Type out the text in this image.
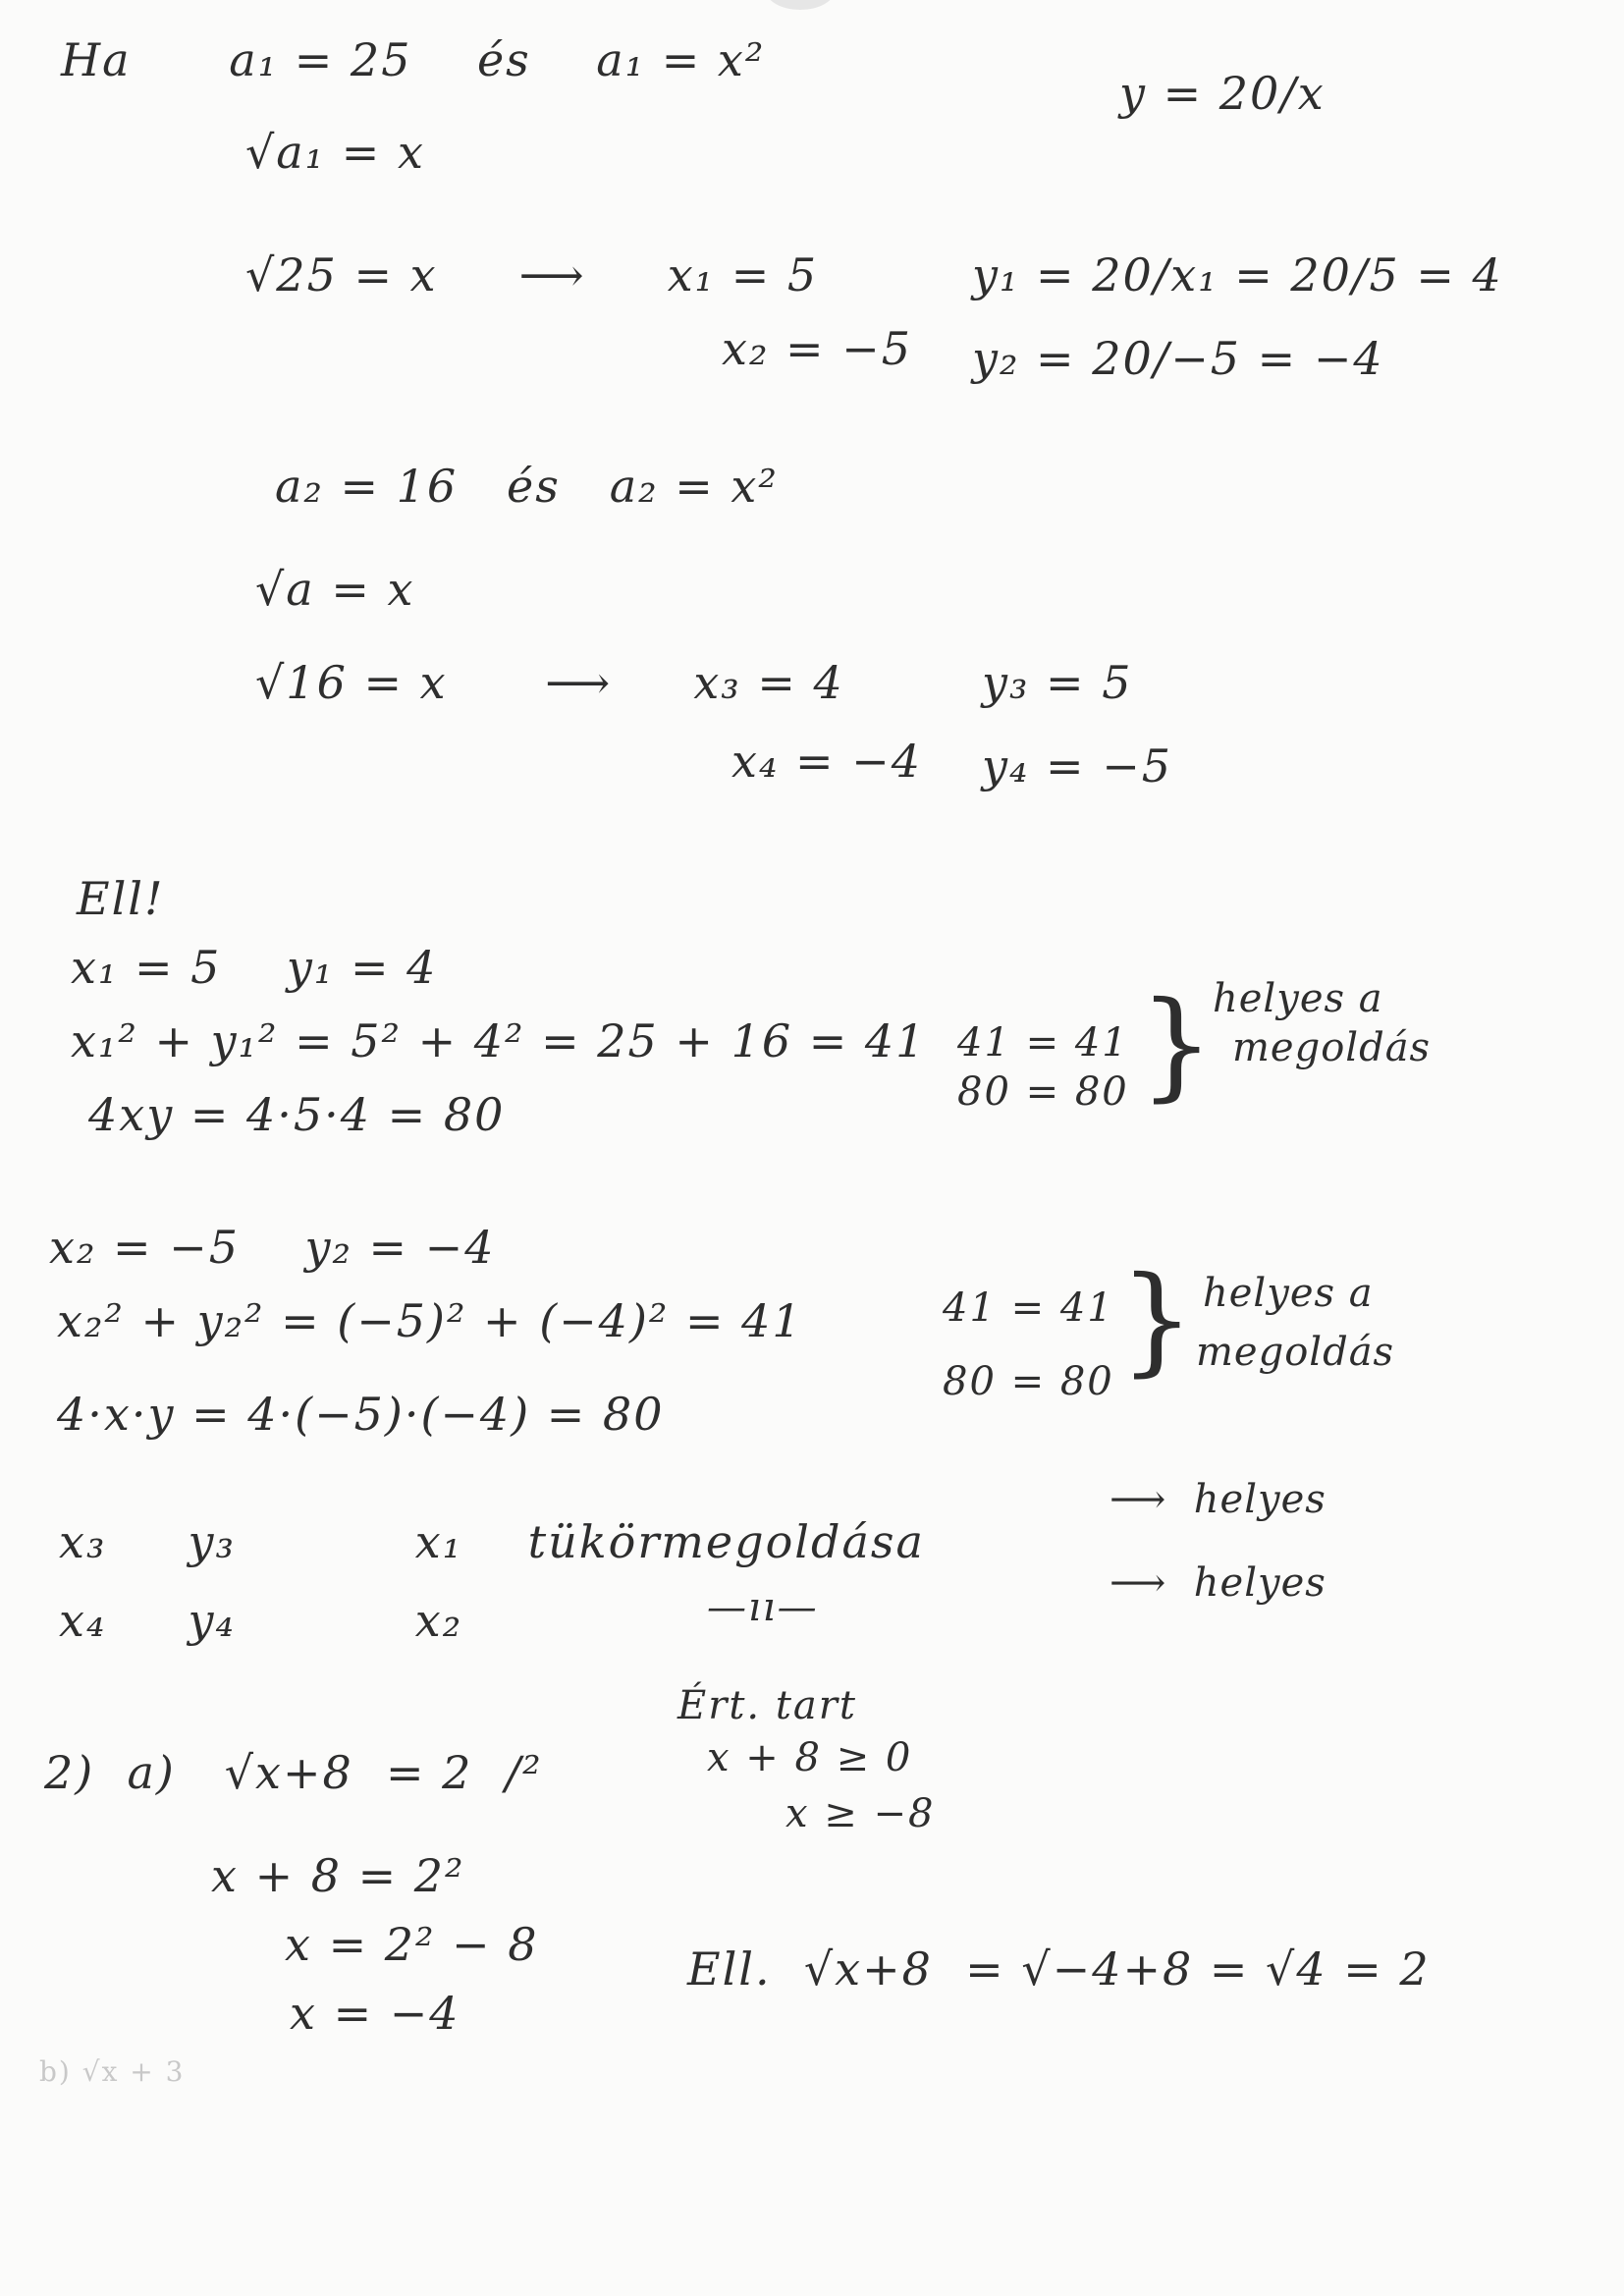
Ha      a₁ = 25    és    a₁ = x²
y = 20/x
√a₁ = x
√25 = x     ⟶     x₁ = 5	y₁ = 20/x₁ = 20/5 = 4
x₂ = −5 y₂ = 20/−5 = −4
a₂ = 16   és   a₂ = x²
√a = x
√16 = x      ⟶     x₃ = 4	y₃ = 5
x₄ = −4 y₄ = −5
Ell!
x₁ = 5    y₁ = 4
x₁² + y₁² = 5² + 4² = 25 + 16 = 41
4xy = 4·5·4 = 80
41 = 41
80 = 80 }
helyes a
megoldás
x₂ = −5    y₂ = −4
x₂² + y₂² = (−5)² + (−4)² = 41
4·x·y = 4·(−5)·(−4) = 80
41 = 41
80 = 80 } helyes a
megoldás
x₃     y₃           x₁    tükörmegoldása
⟶  helyes
x₄     y₄           x₂	—ıı—
⟶  helyes
Ért. tart
x + 8 ≥ 0
x ≥ −8
2)  a)   √x+8  = 2  /²
x + 8 = 2²
x = 2² − 8
x = −4
Ell.  √x+8  = √−4+8 = √4 = 2
b) √x + 3
